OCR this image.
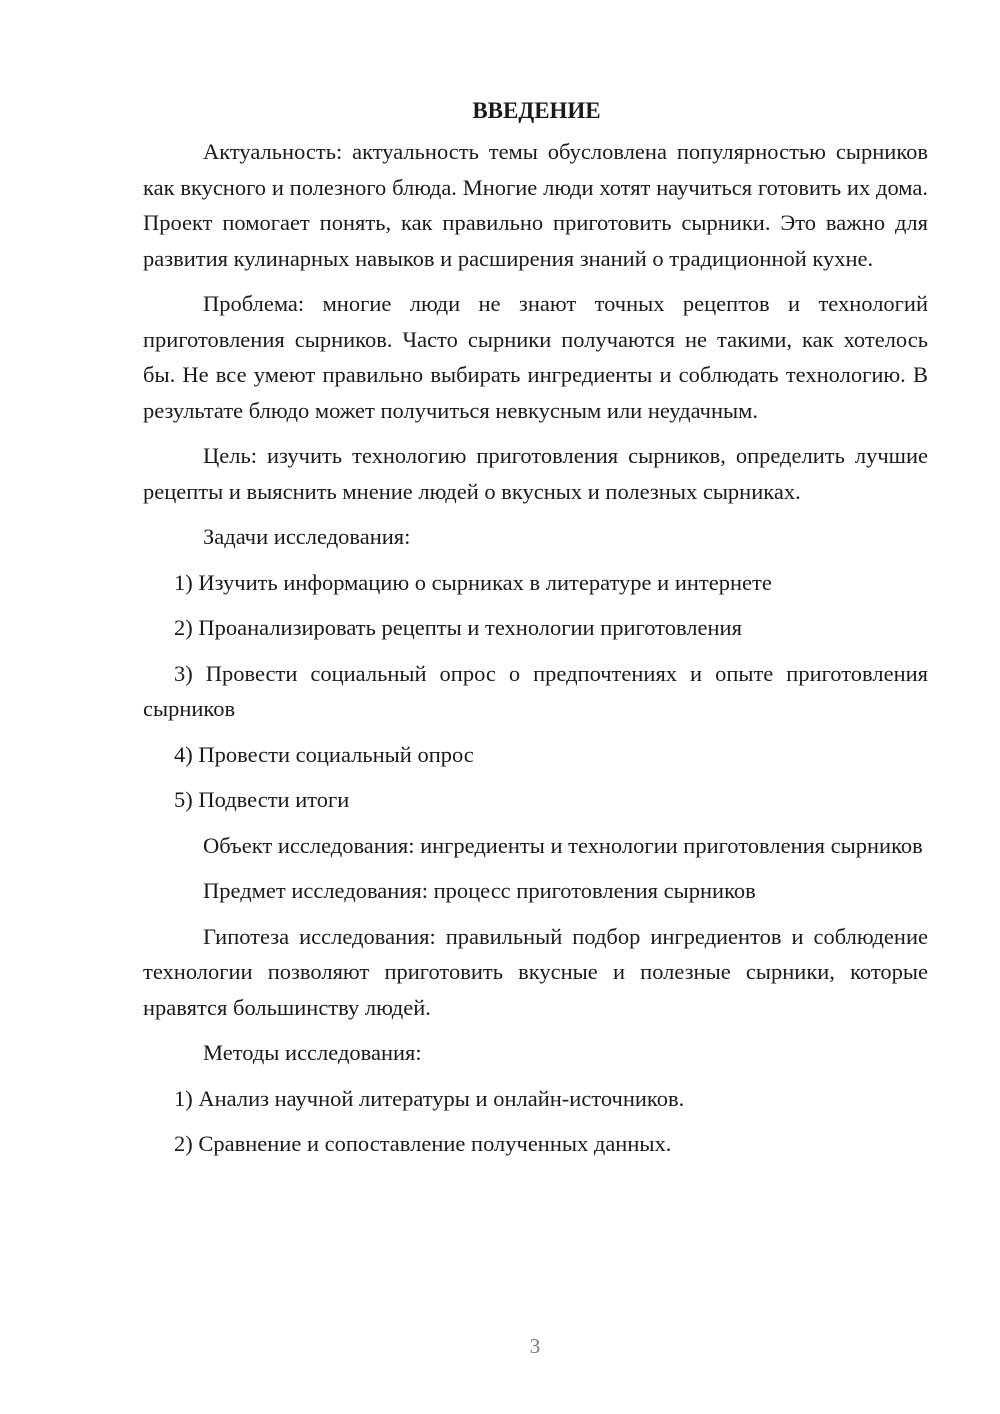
ВВЕДЕНИЕ

Актуальность: актуальность темы обусловлена популярностью сырников как вкусного и полезного блюда. Многие люди хотят научиться готовить их дома. Проект помогает понять, как правильно приготовить сырники. Это важно для развития кулинарных навыков и расширения знаний о традиционной кухне.

Проблема: многие люди не знают точных рецептов и технологий приготовления сырников. Часто сырники получаются не такими, как хотелось бы. Не все умеют правильно выбирать ингредиенты и соблюдать технологию. В результате блюдо может получиться невкусным или неудачным.

Цель: изучить технологию приготовления сырников, определить лучшие рецепты и выяснить мнение людей о вкусных и полезных сырниках.

Задачи исследования:

1) Изучить информацию о сырниках в литературе и интернете

2) Проанализировать рецепты и технологии приготовления

3) Провести социальный опрос о предпочтениях и опыте приготовления сырников

4) Провести социальный опрос

5) Подвести итоги

Объект исследования: ингредиенты и технологии приготовления сырников

Предмет исследования: процесс приготовления сырников

Гипотеза исследования: правильный подбор ингредиентов и соблюдение технологии позволяют приготовить вкусные и полезные сырники, которые нравятся большинству людей.

Методы исследования:

1) Анализ научной литературы и онлайн-источников.

2) Сравнение и сопоставление полученных данных.

3
